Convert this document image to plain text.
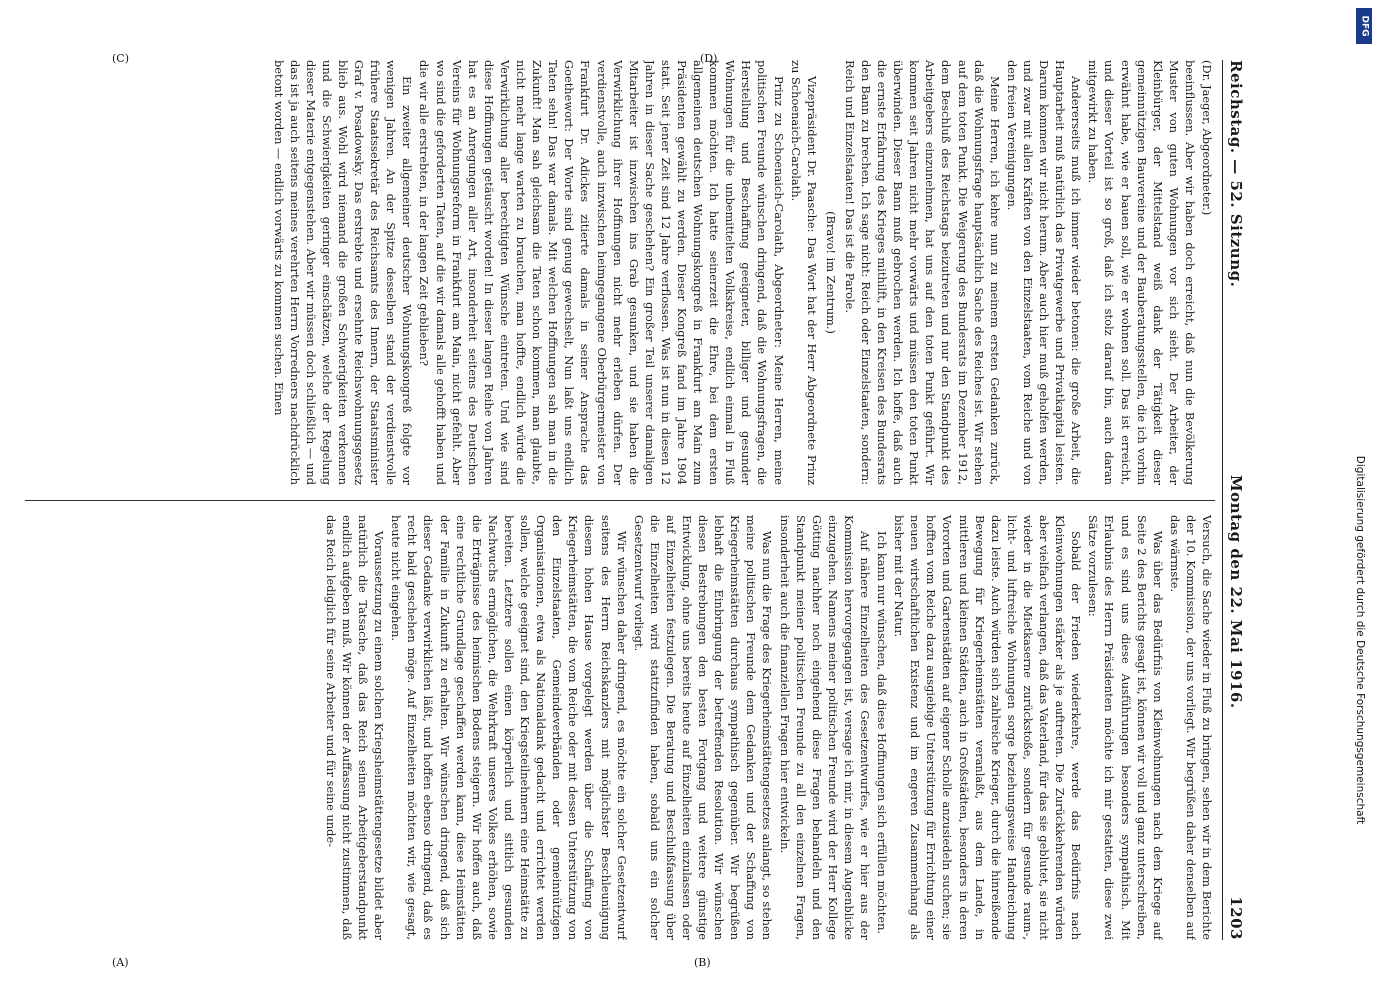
Reichstag. — 52. Sitzung.
Montag den 22. Mai 1916.
1203

(Dr. Jaeger, Abgeordneter.)

beeinflussen. Aber wir haben doch erreicht, daß nun die Bevölkerung Muster von guten Wohnungen vor sich sieht. Der Arbeiter, der Kleinbürger, der Mittelstand weiß dank der Tätigkeit dieser gemeinnützigen Bauvereine und der Bauberatungsstellen, die ich vorhin erwähnt habe, wie er bauen soll, wie er wohnen soll. Das ist erreicht, und dieser Vorteil ist so groß, daß ich stolz darauf bin, auch daran mitgewirkt zu haben.

Andererseits muß ich immer wieder betonen: die große Arbeit, die Hauptarbeit muß natürlich das Privatgewerbe und Privatkapital leisten. Darum kommen wir nicht herum. Aber auch hier muß geholfen werden, und zwar mit allen Kräften von den Einzelstaaten, vom Reiche und von den freien Vereinigungen.

Meine Herren, ich kehre nun zu meinem ersten Gedanken zurück, daß die Wohnungsfrage hauptsächlich Sache des Reiches ist. Wir stehen auf dem toten Punkt. Die Weigerung des Bundesrats im Dezember 1912, dem Beschluß des Reichstags beizutreten und nur den Standpunkt des Arbeitgebers einzunehmen, hat uns auf den toten Punkt geführt. Wir kommen seit Jahren nicht mehr vorwärts und müssen den toten Punkt überwinden. Dieser Bann muß gebrochen werden. Ich hoffe, daß auch die ernste Erfahrung des Krieges mithilft, in den Kreisen des Bundesrats den Bann zu brechen. Ich sage nicht: Reich oder Einzelstaaten, sondern: Reich und Einzelstaaten! Das ist die Parole.

(Bravo! im Zentrum.)

Vizepräsident Dr. Paasche: Das Wort hat der Herr Abgeordnete Prinz zu Schoenaich-Carolath.

Prinz zu Schoenaich-Carolath, Abgeordneter: Meine Herren, meine politischen Freunde wünschen dringend, daß die Wohnungsfragen, die Herstellung und Beschaffung geeigneter, billiger und gesunder Wohnungen für die unbemittelten Volkskreise, endlich einmal in Fluß kommen möchten. Ich hatte seinerzeit die Ehre, bei dem ersten allgemeinen deutschen Wohnungskongreß in Frankfurt am Main zum Präsidenten gewählt zu werden. Dieser Kongreß fand im Jahre 1904 statt. Seit jener Zeit sind 12 Jahre verflossen. Was ist nun in diesen 12 Jahren in dieser Sache geschehen? Ein großer Teil unserer damaligen Mitarbeiter ist inzwischen ins Grab gesunken, und sie haben die Verwirklichung ihrer Hoffnungen nicht mehr erleben dürfen. Der verdienstvolle, auch inzwischen heimgegangene Oberbürgermeister von Frankfurt Dr. Adickes zitierte damals in seiner Ansprache das Goethewort: Der Worte sind genug gewechselt, Nun laßt uns endlich Taten sehn! Das war damals. Mit welchen Hoffnungen sah man in die Zukunft! Man sah gleichsam die Taten schon kommen, man glaubte, nicht mehr lange warten zu brauchen, man hoffte, endlich würde die Verwirklichung aller berechtigten Wünsche eintreten. Und wie sind diese Hoffnungen getäuscht worden! In dieser langen Reihe von Jahren hat es an Anregungen aller Art, insonderheit seitens des Deutschen Vereins für Wohnungsreform in Frankfurt am Main, nicht gefehlt. Aber wo sind die geforderten Taten, auf die wir damals alle gehofft haben und die wir alle erstrebten, in der langen Zeit geblieben?

Ein zweiter allgemeiner deutscher Wohnungskongreß folgte vor wenigen Jahren. An der Spitze desselben stand der verdienstvolle frühere Staatssekretär des Reichsamts des Innern, der Staatsminister Graf v. Posadowsky. Das erstrebte und ersehnte Reichswohnungsgesetz blieb aus. Wohl wird niemand die großen Schwierigkeiten verkennen und die Schwierigkeiten geringer einschätzen, welche der Regelung dieser Materie entgegenstehen. Aber wir müssen doch schließlich — und das ist ja auch seitens meines verehrten Herrn Vorredners nachdrücklich betont worden — endlich vorwärts zu kommen suchen. Einen

Versuch, die Sache wieder in Fluß zu bringen, sehen wir in dem Berichte der 10. Kommission, der uns vorliegt. Wir begrüßen daher denselben auf das wärmste.

Was über das Bedürfnis von Kleinwohnungen nach dem Kriege auf Seite 2 des Berichts gesagt ist, können wir voll und ganz unterschreiben, und es sind uns diese Ausführungen besonders sympathisch. Mit Erlaubnis des Herrn Präsidenten möchte ich mir gestatten, diese zwei Sätze vorzulesen:

Sobald der Frieden wiederkehre, werde das Bedürfnis nach Kleinwohnungen stärker als je auftreten. Die Zurückkehrenden würden aber vielfach verlangen, daß das Vaterland, für das sie geblutet, sie nicht wieder in die Mietkaserne zurückstoße, sondern für gesunde raum-, licht- und luftreiche Wohnungen sorge beziehungsweise Handreichung dazu leiste. Auch würden sich zahlreiche Krieger, durch die hinreißende Bewegung für Kriegerheimstätten veranlaßt, aus dem Lande, in mittleren und kleinen Städten, auch in Großstädten, besonders in deren Vororten und Gartenstädten auf eigener Scholle anzusiedeln suchen; sie hofften vom Reiche dazu ausgiebige Unterstützung für Errichtung einer neuen wirtschaftlichen Existenz und im engeren Zusammenhang als bisher mit der Natur.

Ich kann nur wünschen, daß diese Hoffnungen sich erfüllen möchten.

Auf nähere Einzelheiten des Gesetzentwurfes, wie er hier aus der Kommission hervorgegangen ist, versage ich mir, in diesem Augenblicke einzugehen. Namens meiner politischen Freunde wird der Herr Kollege Götting nachher noch eingehend diese Fragen behandeln und den Standpunkt meiner politischen Freunde zu all den einzelnen Fragen, insonderheit auch die finanziellen Fragen hier entwickeln.

Was nun die Frage des Kriegerheimstättengesetzes anlangt, so stehen meine politischen Freunde dem Gedanken und der Schaffung von Kriegerheimstätten durchaus sympathisch gegenüber. Wir begrüßen lebhaft die Einbringung der betreffenden Resolution. Wir wünschen diesen Bestrebungen den besten Fortgang und weitere günstige Entwicklung, ohne uns bereits heute auf Einzelheiten einzulassen oder auf Einzelheiten festzulegen. Die Beratung und Beschlußfassung über die Einzelheiten wird stattzufinden haben, sobald uns ein solcher Gesetzentwurf vorliegt.

Wir wünschen daher dringend, es möchte ein solcher Gesetzentwurf seitens des Herrn Reichskanzlers mit möglichster Beschleunigung diesem hohen Hause vorgelegt werden über die Schaffung von Kriegerheimstätten, die vom Reiche oder mit dessen Unterstützung von den Einzelstaaten, Gemeindeverbänden oder gemeinnützigen Organisationen, etwa als Nationaldank gedacht und errichtet werden sollen, welche geeignet sind, den Kriegsteilnehmern eine Heimstätte zu bereiten. Letztere sollen einen körperlich und sittlich gesunden Nachwuchs ermöglichen, die Wehrkraft unseres Volkes erhöhen, sowie die Erträgnisse des heimischen Bodens steigern. Wir hoffen auch, daß eine rechtliche Grundlage geschaffen werden kann, diese Heimstätten der Familie in Zukunft zu erhalten. Wir wünschen dringend, daß sich dieser Gedanke verwirklichen läßt, und hoffen ebenso dringend, daß es recht bald geschehen möge. Auf Einzelheiten möchten wir, wie gesagt, heute nicht eingehen.

Voraussetzung zu einem solchen Kriegsheimstättengesetze bildet aber natürlich die Tatsache, daß das Reich seinen Arbeitgeberstandpunkt endlich aufgeben muß. Wir können der Auffassung nicht zustimmen, daß das Reich lediglich für seine Arbeiter und für seine unde-

(A)	(B)
(C)	(D)
DFG
Digitalisierung gefördert durch die Deutsche Forschungsgemeinschaft
